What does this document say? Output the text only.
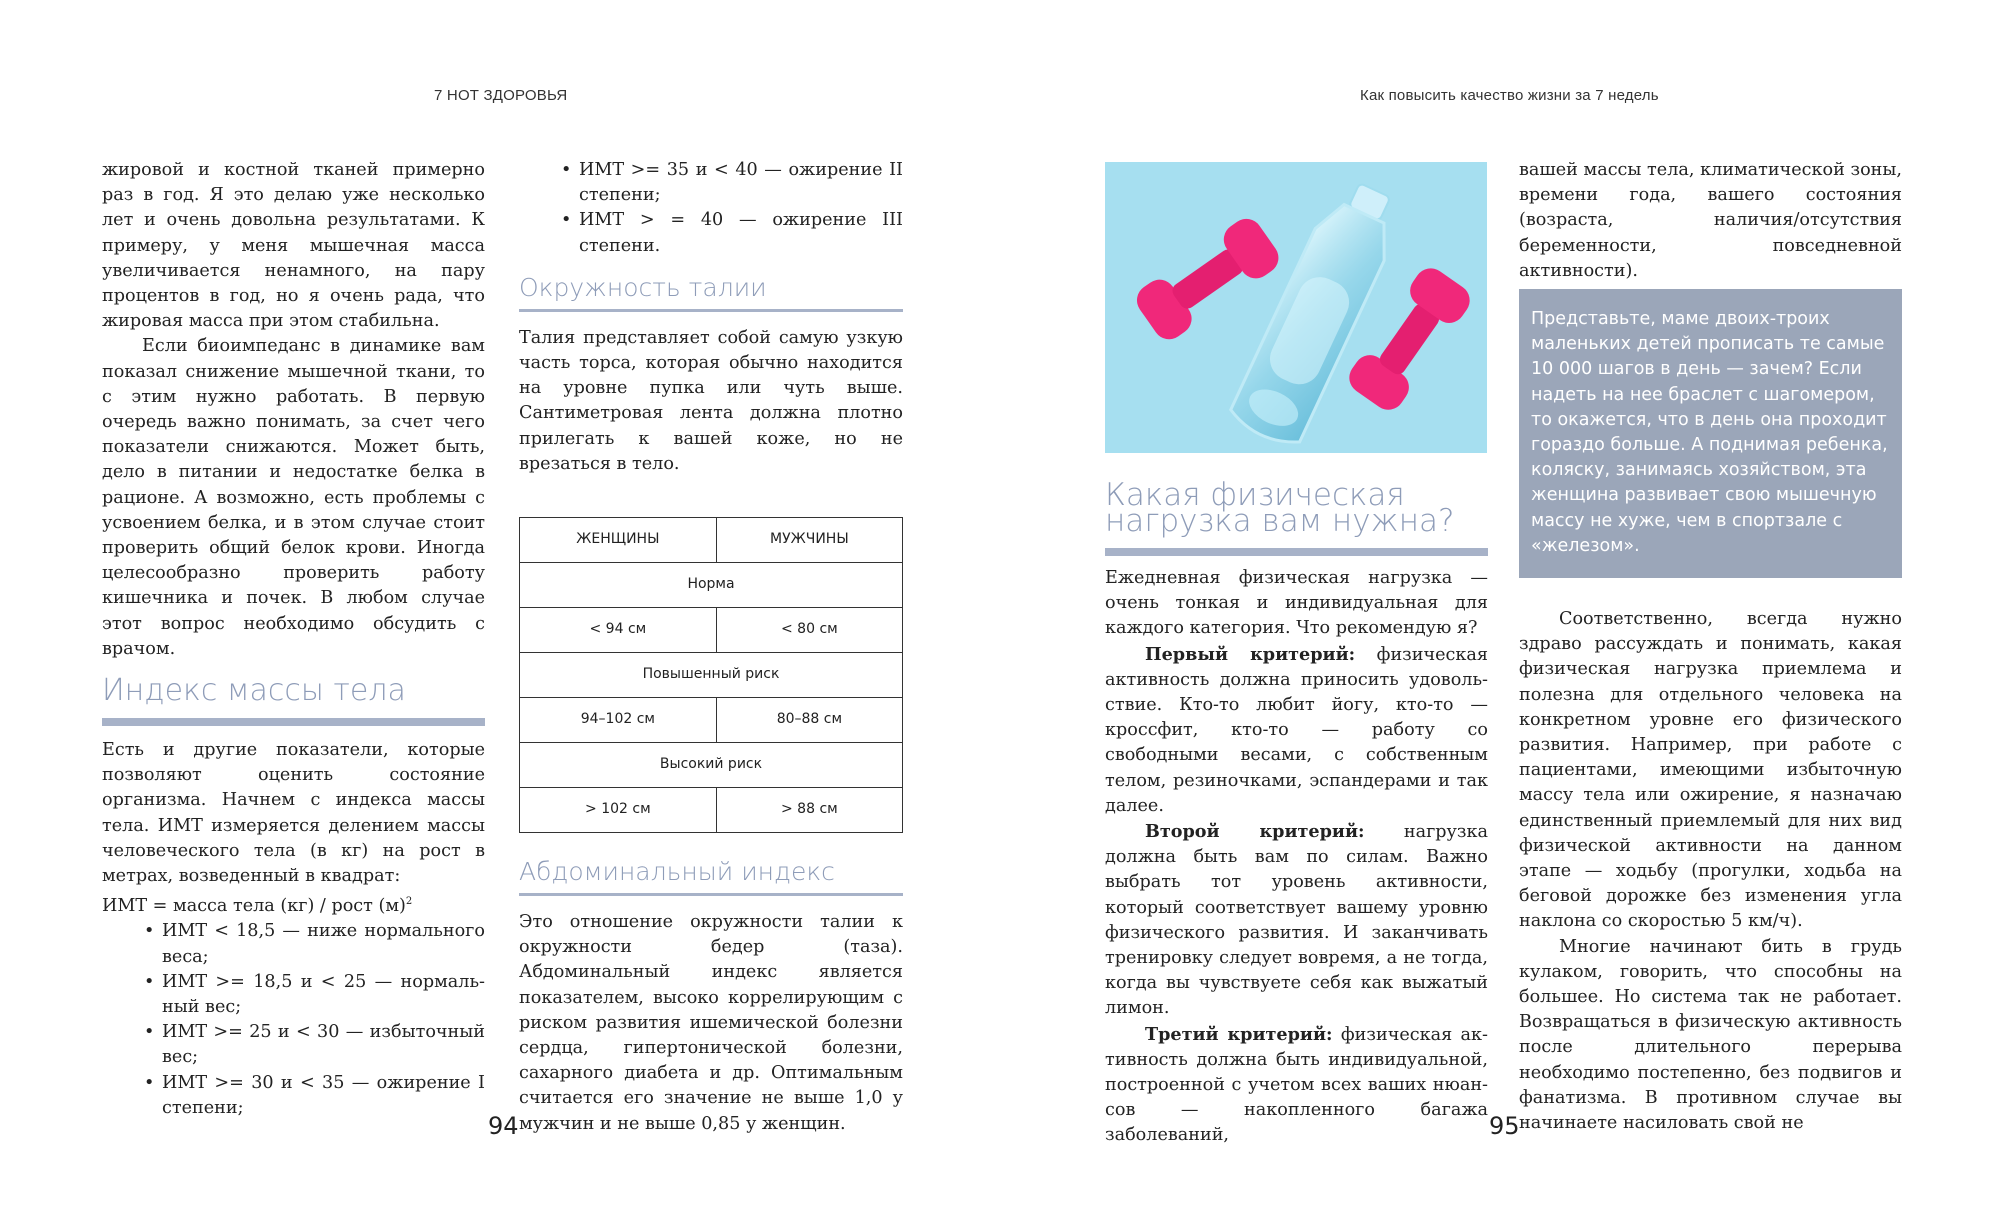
7 НОТ ЗДОРОВЬЯ

жировой и костной тканей примерно раз в год. Я это делаю уже несколько лет и очень довольна результатами. К примеру, у меня мышечная масса увеличивается ненамного, на пару процентов в год, но я очень рада, что жировая масса при этом стабильна.

Если биоимпеданс в динамике вам показал снижение мышечной ткани, то с этим нужно работать. В первую очередь важно понимать, за счет чего показатели снижаются. Может быть, дело в питании и недостатке белка в рационе. А возможно, есть проблемы с усвоением белка, и в этом случае стоит проверить общий белок крови. Иногда целесообразно проверить работу кишечника и почек. В любом случае этот вопрос необходимо обсудить с врачом.

Индекс массы тела

Есть и другие показатели, которые позволяют оценить состояние организма. Начнем с индекса массы тела. ИМТ измеряется делением массы человеческого тела (в кг) на рост в метрах, возведенный в квадрат:

ИМТ = масса тела (кг) / рост $(м)^2$

• ИМТ < 18,5 — ниже нормального веса;
• ИМТ >= 18,5 и < 25 — нормальный вес;
• ИМТ >= 25 и < 30 — избыточный вес;
• ИМТ >= 30 и < 35 — ожирение I степени;
• ИМТ >= 35 и < 40 — ожирение II степени;
• ИМТ > = 40 — ожирение III степени.
Окружность талии

Талия представляет собой самую узкую часть торса, которая обычно находится на уровне пупка или чуть выше. Сантиметровая лента должна плотно прилегать к вашей коже, но не врезаться в тело.

ЖЕНЩИНЫ	МУЖЧИНЫ
Норма	
< 94 см	< 80 см
Повышенный риск	
94–102 см	80–88 см
Высокий риск	
> 102 см	> 88 см
Абдоминальный индекс

Это отношение окружности талии к окружности бедер (таза). Абдоминальный индекс является показателем, высоко коррелирующим с риском развития ишемической болезни сердца, гипертонической болезни, сахарного диабета и др. Оптимальным считается его значение не выше 1,0 у мужчин и не выше 0,85 у женщин.

94
Как повысить качество жизни за 7 недель
Какая физическая
нагрузка вам нужна?

Ежедневная физическая нагрузка — очень тонкая и индивидуальная для каждого категория. Что рекомендую я?

Первый критерий: физическая активность должна приносить удовольствие. Кто-то любит йогу, кто-то — кроссфит, кто-то — работу со свободными весами, с собственным телом, резиночками, эспандерами и так далее.

Второй критерий: нагрузка должна быть вам по силам. Важно выбрать тот уровень активности, который соответствует вашему уровню физического развития. И заканчивать тренировку следует вовремя, а не тогда, когда вы чувствуете себя как выжатый лимон.

Третий критерий: физическая активность должна быть индивидуальной, построенной с учетом всех ваших нюансов — накопленного багажа заболеваний,

вашей массы тела, климатической зоны, времени года, вашего состояния (возраста, наличия/отсутствия беременности, повседневной активности).

Представьте, маме двоих-троих маленьких детей прописать те самые 10 000 шагов в день — зачем? Если надеть на нее браслет с шагомером, то окажется, что в день она проходит гораздо больше. А поднимая ребенка, коляску, занимаясь хозяйством, эта женщина развивает свою мышечную массу не хуже, чем в спортзале с «железом».

Соответственно, всегда нужно здраво рассуждать и понимать, какая физическая нагрузка приемлема и полезна для отдельного человека на конкретном уровне его физического развития. Например, при работе с пациентами, имеющими избыточную массу тела или ожирение, я назначаю единственный приемлемый для них вид физической активности на данном этапе — ходьбу (прогулки, ходьба на беговой дорожке без изменения угла наклона со скоростью 5 км/ч).

Многие начинают бить в грудь кулаком, говорить, что способны на большее. Но система так не работает. Возвращаться в физическую активность после длительного перерыва необходимо постепенно, без подвигов и фанатизма. В противном случае вы начинаете насиловать свой не

95
